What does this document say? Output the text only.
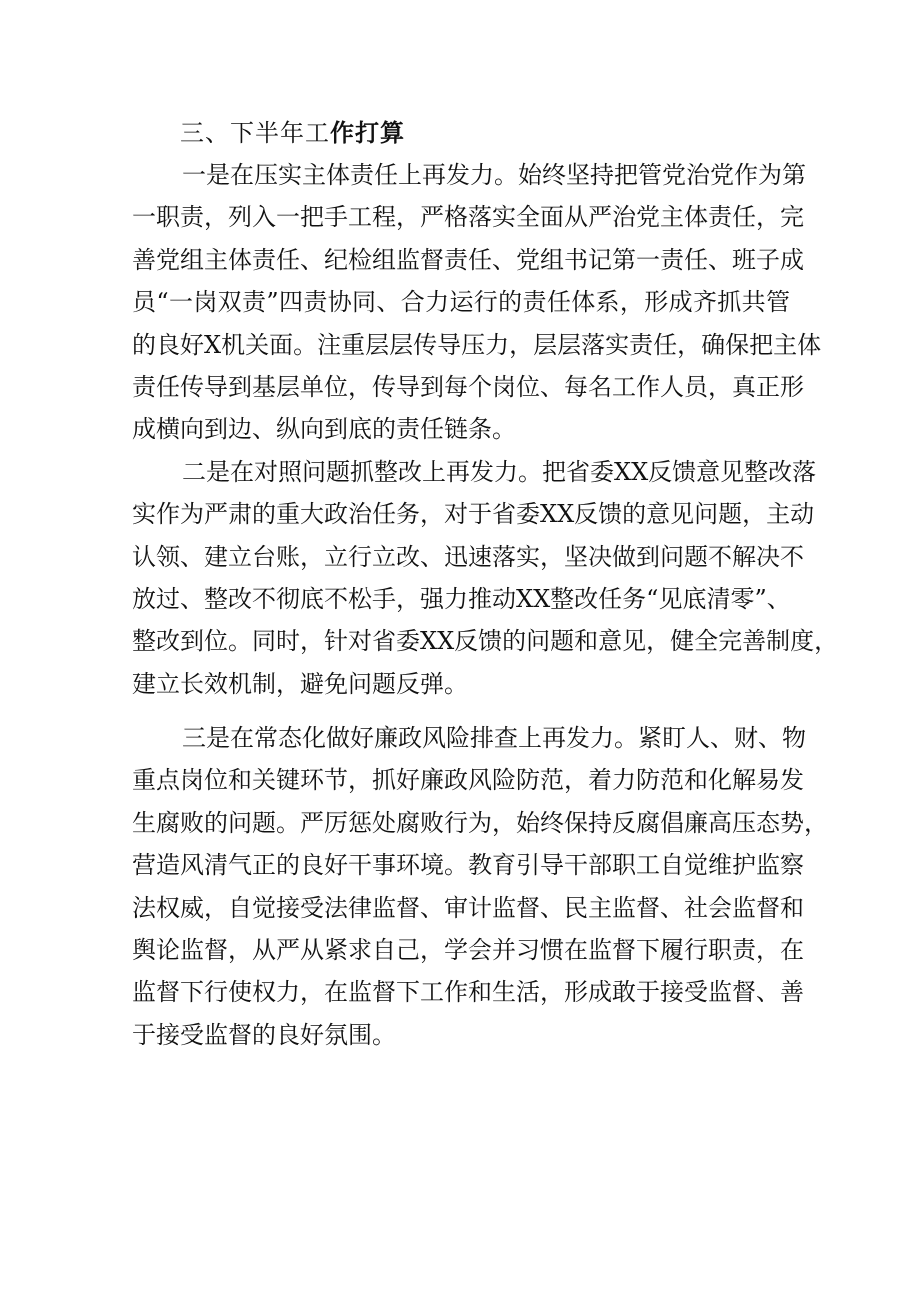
三、下半年工作打算
一是在压实主体责任上再发力。始终坚持把管党治党作为第
一职责，列入一把手工程，严格落实全面从严治党主体责任，完
善党组主体责任、纪检组监督责任、党组书记第一责任、班子成
员“一岗双责”四责协同、合力运行的责任体系，形成齐抓共管
的良好X机关面。注重层层传导压力，层层落实责任，确保把主体
责任传导到基层单位，传导到每个岗位、每名工作人员，真正形
成横向到边、纵向到底的责任链条。
二是在对照问题抓整改上再发力。把省委XX反馈意见整改落
实作为严肃的重大政治任务，对于省委XX反馈的意见问题，主动
认领、建立台账，立行立改、迅速落实，坚决做到问题不解决不
放过、整改不彻底不松手，强力推动XX整改任务“见底清零”、
整改到位。同时，针对省委XX反馈的问题和意见，健全完善制度，
建立长效机制，避免问题反弹。
三是在常态化做好廉政风险排查上再发力。紧盯人、财、物
重点岗位和关键环节，抓好廉政风险防范，着力防范和化解易发
生腐败的问题。严厉惩处腐败行为，始终保持反腐倡廉高压态势，
营造风清气正的良好干事环境。教育引导干部职工自觉维护监察
法权威，自觉接受法律监督、审计监督、民主监督、社会监督和
舆论监督，从严从紧求自己，学会并习惯在监督下履行职责，在
监督下行使权力，在监督下工作和生活，形成敢于接受监督、善
于接受监督的良好氛围。
